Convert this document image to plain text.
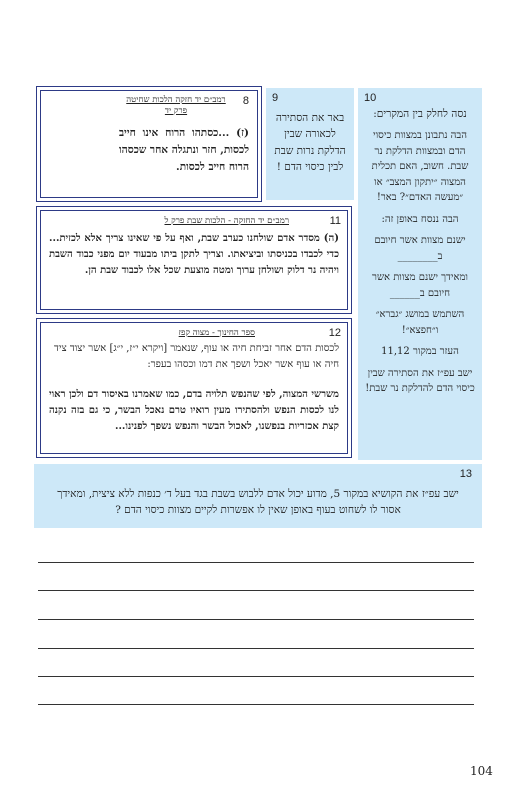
10

נסה לחלק בין המקרים:

הבה נתבונן במצוות כיסוי הדם ובמצוות הדלקת נר שבת. חשוב, האם תכלית המצוה ״יתקון המצב״ או ״מעשה האדם״? באר!

הבה ננסח באופן זה:

ישנם מצוות אשר חיובם ב________

ומאידך ישנם מצוות אשר חיובם ב______

השתמש במושג ״גברא״ ו״חפצא״!

העזר במקור 11,12

ישב עפ״ז את הסתירה שבין כיסוי הדם להדלקת נר שבת!

9

באר את הסתירה לכאורה שבין הדלקת נרות שבת לבין כיסוי הדם !

8
רמב״ם יד חזקה הלכות שחיטה פרק יד
(ז) ...כסתהו הרוח אינו חייב לכסות, חזר ונתגלה אחר שכסהו הרוח חייב לכסות.
11
רמב״ם יד החזקה - הלכות שבת פרק ל
(ה) מסדר אדם שולחנו כערב שבת, ואף על פי שאינו צריך אלא לכזית... כדי לכבדו בכניסתו וביציאתו. וצריך לתקן ביתו מבעוד יום מפני כבוד השבת ויהיה נר דלוק ושולחן ערוך ומטה מוצעת שכל אלו לכבוד שבת הן.
12
ספר החינוך - מצוה קפז
לכסות הדם אחר זביחת חיה או עוף, שנאמר [ויקרא י״ז, י״ג] אשר יצוד ציד חיה או עוף אשר יאכל ושפך את דמו וכסהו בעפר:
משרשי המצוה, לפי שהנפש תלויה בדם, כמו שאמרנו באיסור דם ולכן ראוי לנו לכסות הנפש ולהסתירו מעין רואיו טרם נאכל הבשר, כי גם בזה נקנה קצת אכזריות בנפשנו, לאכול הבשר והנפש נשפך לפנינו...
13

ישב עפ״ז את הקושיא במקור 5, מדוע יכול אדם ללבוש בשבת בגד בעל ד׳ כנפות ללא ציצית, ומאידך אסור לו לשחוט בעוף באופן שאין לו אפשרות לקיים מצוות כיסוי הדם ?

104
